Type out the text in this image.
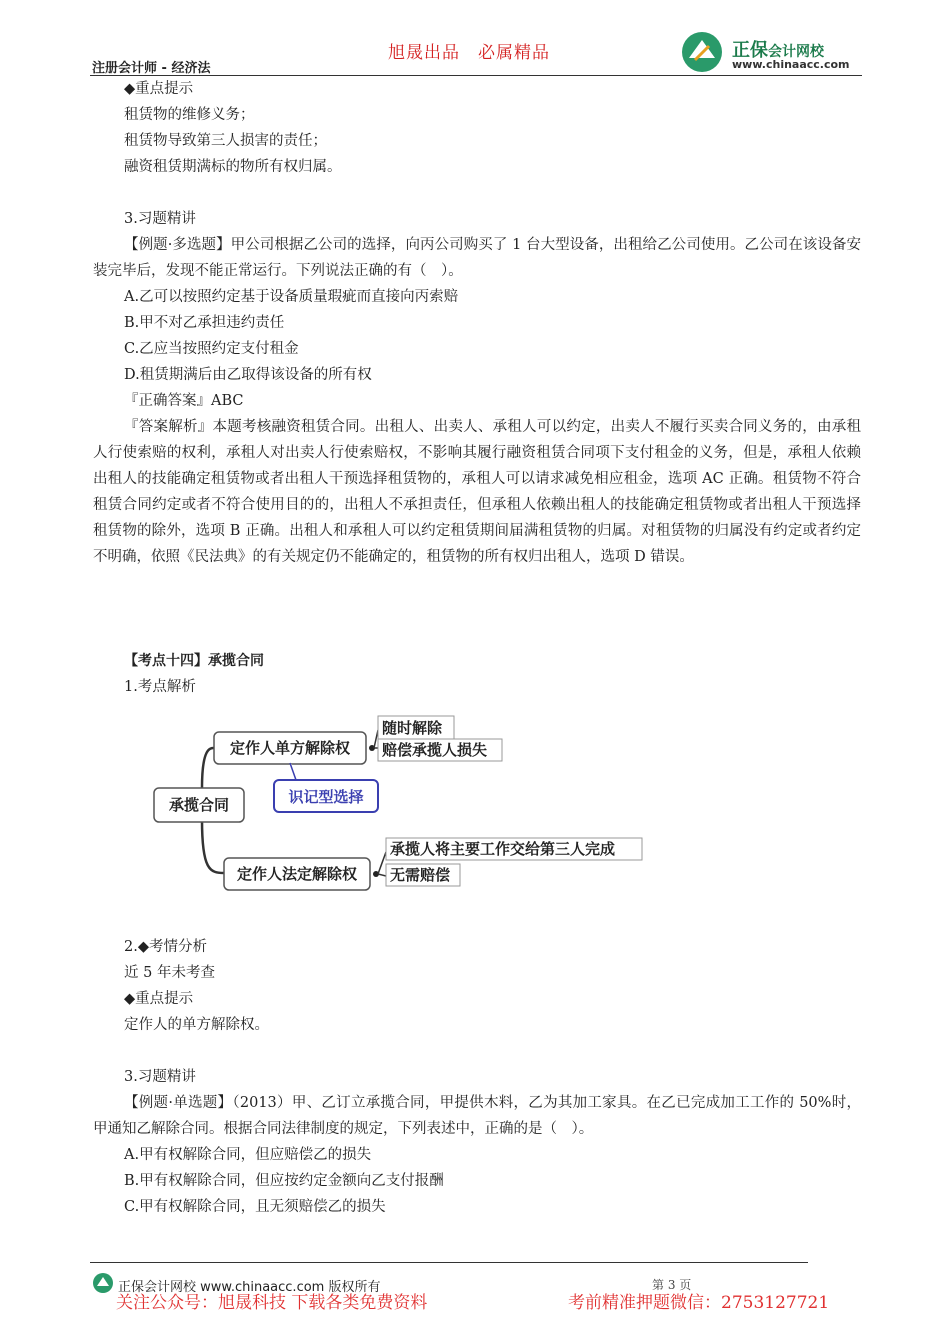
注册会计师 - 经济法
旭晟出品　必属精品	正保会计网校
www.chinaacc.com
◆重点提示
租赁物的维修义务；
租赁物导致第三人损害的责任；
融资租赁期满标的物所有权归属。
3.习题精讲
【例题·多选题】甲公司根据乙公司的选择，向丙公司购买了 1 台大型设备，出租给乙公司使用。乙公司在该设备安装完毕后，发现不能正常运行。下列说法正确的有（　）。
A.乙可以按照约定基于设备质量瑕疵而直接向丙索赔
B.甲不对乙承担违约责任
C.乙应当按照约定支付租金
D.租赁期满后由乙取得该设备的所有权
『正确答案』ABC
『答案解析』本题考核融资租赁合同。出租人、出卖人、承租人可以约定，出卖人不履行买卖合同义务的，由承租人行使索赔的权利，承租人对出卖人行使索赔权，不影响其履行融资租赁合同项下支付租金的义务，但是，承租人依赖出租人的技能确定租赁物或者出租人干预选择租赁物的，承租人可以请求减免相应租金，选项 AC 正确。租赁物不符合租赁合同约定或者不符合使用目的的，出租人不承担责任，但承租人依赖出租人的技能确定租赁物或者出租人干预选择租赁物的除外，选项 B 正确。出租人和承租人可以约定租赁期间届满租赁物的归属。对租赁物的归属没有约定或者约定不明确，依照《民法典》的有关规定仍不能确定的，租赁物的所有权归出租人，选项 D 错误。
【考点十四】承揽合同
1.考点解析
承揽合同
定作人单方解除权
随时解除
赔偿承揽人损失
识记型选择
定作人法定解除权
承揽人将主要工作交给第三人完成
无需赔偿
2.◆考情分析
近 5 年未考查
◆重点提示
定作人的单方解除权。
3.习题精讲
【例题·单选题】（2013）甲、乙订立承揽合同，甲提供木料，乙为其加工家具。在乙已完成加工工作的 50%时，甲通知乙解除合同。根据合同法律制度的规定，下列表述中，正确的是（　）。
A.甲有权解除合同，但应赔偿乙的损失
B.甲有权解除合同，但应按约定金额向乙支付报酬
C.甲有权解除合同，且无须赔偿乙的损失
正保会计网校 www.chinaacc.com 版权所有	第 3 页
关注公众号：旭晟科技 下载各类免费资料	考前精准押题微信：2753127721
